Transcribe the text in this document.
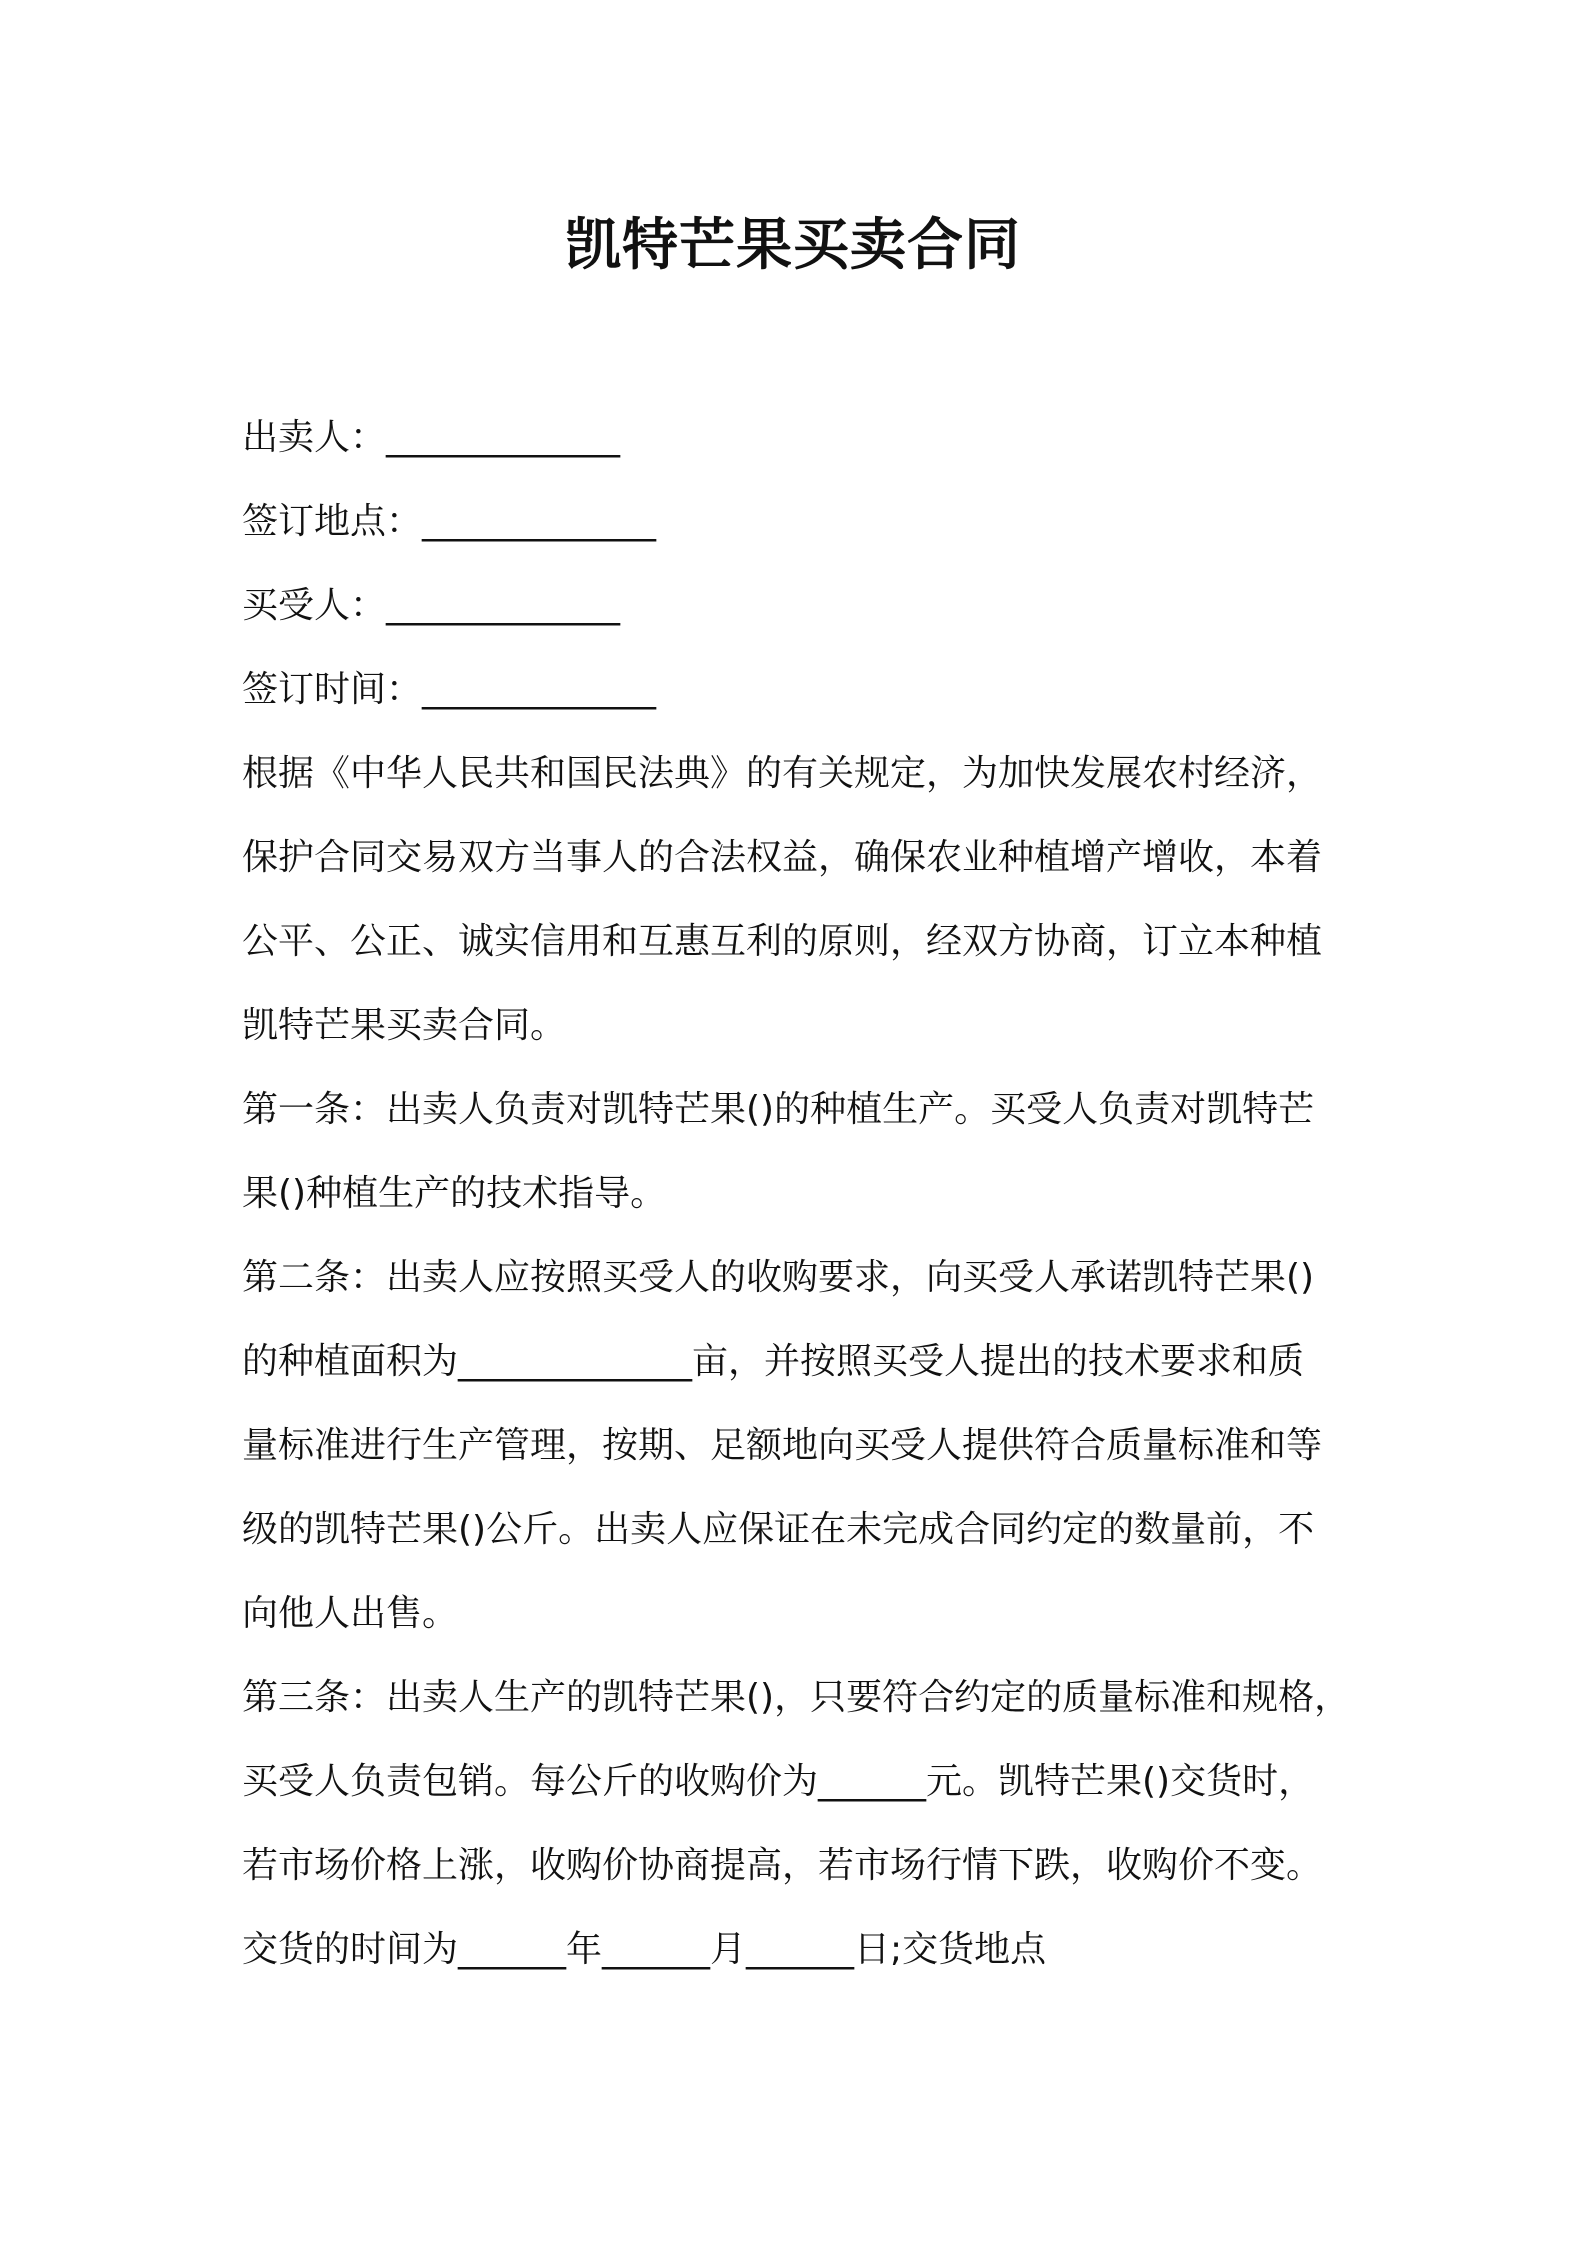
凯特芒果买卖合同

出卖人：_____________

签订地点：_____________

买受人：_____________

签订时间：_____________

根据《中华人民共和国民法典》的有关规定，为加快发展农村经济，

保护合同交易双方当事人的合法权益，确保农业种植增产增收，本着

公平、公正、诚实信用和互惠互利的原则，经双方协商，订立本种植

凯特芒果买卖合同。

第一条：出卖人负责对凯特芒果()的种植生产。买受人负责对凯特芒

果()种植生产的技术指导。

第二条：出卖人应按照买受人的收购要求，向买受人承诺凯特芒果()

的种植面积为_____________亩，并按照买受人提出的技术要求和质

量标准进行生产管理，按期、足额地向买受人提供符合质量标准和等

级的凯特芒果()公斤。出卖人应保证在未完成合同约定的数量前，不

向他人出售。

第三条：出卖人生产的凯特芒果()，只要符合约定的质量标准和规格，

买受人负责包销。每公斤的收购价为______元。凯特芒果()交货时，

若市场价格上涨，收购价协商提高，若市场行情下跌，收购价不变。

交货的时间为______年______月______日;交货地点
